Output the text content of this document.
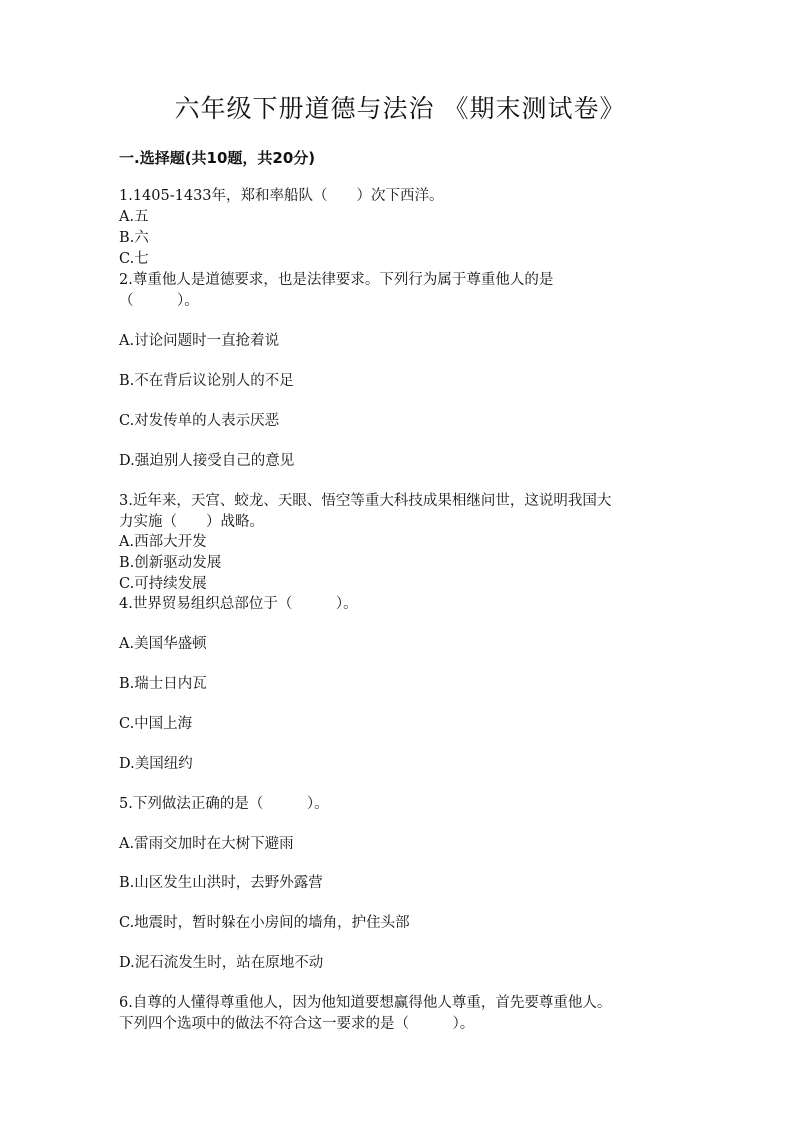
六年级下册道德与法治 《期末测试卷》
一.选择题(共10题，共20分)
1.1405-1433年，郑和率船队（　　）次下西洋。
A.五
B.六
C.七
2.尊重他人是道德要求，也是法律要求。下列行为属于尊重他人的是
（　　　）。
A.讨论问题时一直抢着说
B.不在背后议论别人的不足
C.对发传单的人表示厌恶
D.强迫别人接受自己的意见
3.近年来，天宫、蛟龙、天眼、悟空等重大科技成果相继问世，这说明我国大
力实施（　　）战略。
A.西部大开发
B.创新驱动发展
C.可持续发展
4.世界贸易组织总部位于（　　　）。
A.美国华盛顿
B.瑞士日内瓦
C.中国上海
D.美国纽约
5.下列做法正确的是（　　　）。
A.雷雨交加时在大树下避雨
B.山区发生山洪时，去野外露营
C.地震时，暂时躲在小房间的墙角，护住头部
D.泥石流发生时，站在原地不动
6.自尊的人懂得尊重他人，因为他知道要想赢得他人尊重，首先要尊重他人。
下列四个选项中的做法不符合这一要求的是（　　　）。
